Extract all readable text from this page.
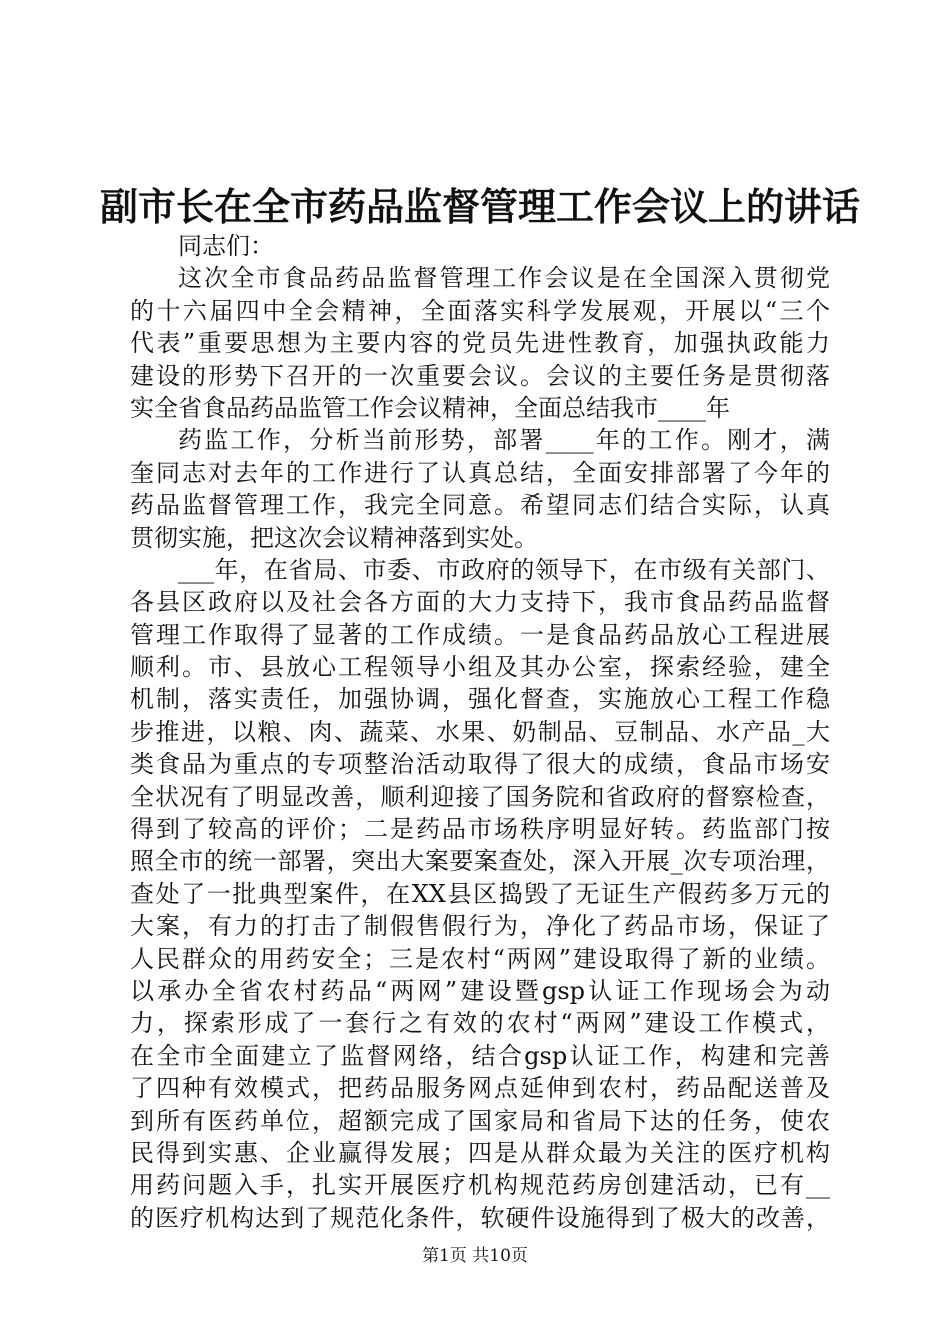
副市长在全市药品监督管理工作会议上的讲话
同志们：
这次全市食品药品监督管理工作会议是在全国深入贯彻党
的十六届四中全会精神，全面落实科学发展观，开展以“三个
代表”重要思想为主要内容的党员先进性教育，加强执政能力
建设的形势下召开的一次重要会议。会议的主要任务是贯彻落
实全省食品药品监管工作会议精神，全面总结我市____年
药监工作，分析当前形势，部署____年的工作。刚才，满
奎同志对去年的工作进行了认真总结，全面安排部署了今年的
药品监督管理工作，我完全同意。希望同志们结合实际，认真
贯彻实施，把这次会议精神落到实处。
___年，在省局、市委、市政府的领导下，在市级有关部门、
各县区政府以及社会各方面的大力支持下，我市食品药品监督
管理工作取得了显著的工作成绩。一是食品药品放心工程进展
顺利。市、县放心工程领导小组及其办公室，探索经验，建全
机制，落实责任，加强协调，强化督查，实施放心工程工作稳
步推进，以粮、肉、蔬菜、水果、奶制品、豆制品、水产品_大
类食品为重点的专项整治活动取得了很大的成绩，食品市场安
全状况有了明显改善，顺利迎接了国务院和省政府的督察检查，
得到了较高的评价；二是药品市场秩序明显好转。药监部门按
照全市的统一部署，突出大案要案查处，深入开展_次专项治理，
查处了一批典型案件，在XX县区捣毁了无证生产假药多万元的
大案，有力的打击了制假售假行为，净化了药品市场，保证了
人民群众的用药安全；三是农村“两网”建设取得了新的业绩。
以承办全省农村药品“两网”建设暨gsp认证工作现场会为动
力，探索形成了一套行之有效的农村“两网”建设工作模式，
在全市全面建立了监督网络，结合gsp认证工作，构建和完善
了四种有效模式，把药品服务网点延伸到农村，药品配送普及
到所有医药单位，超额完成了国家局和省局下达的任务，使农
民得到实惠、企业赢得发展；四是从群众最为关注的医疗机构
用药问题入手，扎实开展医疗机构规范药房创建活动，已有__
的医疗机构达到了规范化条件，软硬件设施得到了极大的改善，
第1页 共10页
